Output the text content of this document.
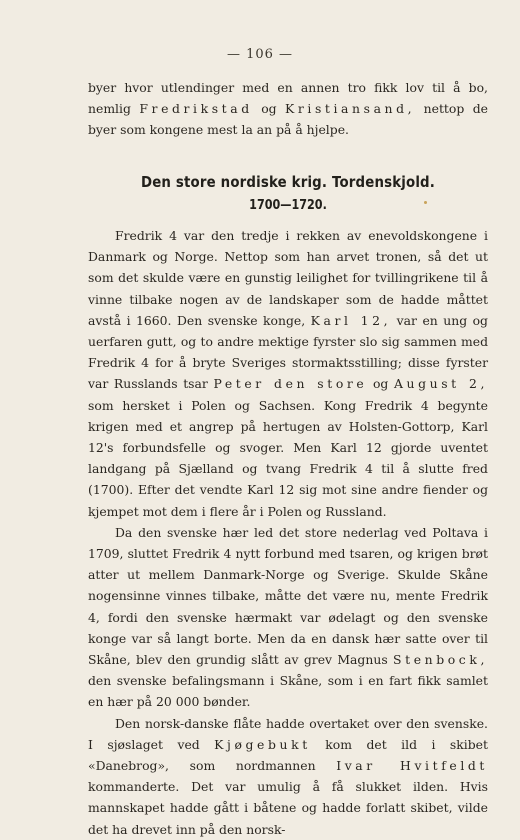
— 106 —

byer hvor utlendinger med en annen tro fikk lov til å bo, nemlig Fredrikstad og Kristiansand, nettop de byer som kongene mest la an på å hjelpe.

Den store nordiske krig. Tordenskjold.
1700—1720.

Fredrik 4 var den tredje i rekken av enevoldskongene i Danmark og Norge. Nettop som han arvet tronen, så det ut som det skulde være en gunstig leilighet for tvillingrikene til å vinne tilbake nogen av de landskaper som de hadde måttet avstå i 1660. Den svenske konge, Karl 12, var en ung og uerfaren gutt, og to andre mektige fyrster slo sig sammen med Fredrik 4 for å bryte Sveriges stormaktsstilling; disse fyrster var Russlands tsar Peter den store og August 2, som hersket i Polen og Sachsen. Kong Fredrik 4 begynte krigen med et angrep på hertugen av Holsten-Gottorp, Karl 12's forbundsfelle og svoger. Men Karl 12 gjorde uventet landgang på Sjælland og tvang Fredrik 4 til å slutte fred (1700). Efter det vendte Karl 12 sig mot sine andre fiender og kjempet mot dem i flere år i Polen og Russland.

Da den svenske hær led det store nederlag ved Poltava i 1709, sluttet Fredrik 4 nytt forbund med tsaren, og krigen brøt atter ut mellem Danmark-Norge og Sverige. Skulde Skåne nogensinne vinnes tilbake, måtte det være nu, mente Fredrik 4, fordi den svenske hærmakt var ødelagt og den svenske konge var så langt borte. Men da en dansk hær satte over til Skåne, blev den grundig slått av grev Magnus Stenbock, den svenske befalingsmann i Skåne, som i en fart fikk samlet en hær på 20 000 bønder.

Den norsk-danske flåte hadde overtaket over den svenske. I sjøslaget ved Kjøgebukt kom det ild i skibet «Danebrog», som nordmannen Ivar Hvitfeldt kommanderte. Det var umulig å få slukket ilden. Hvis mannskapet hadde gått i båtene og hadde forlatt skibet, vilde det ha drevet inn på den norsk-
